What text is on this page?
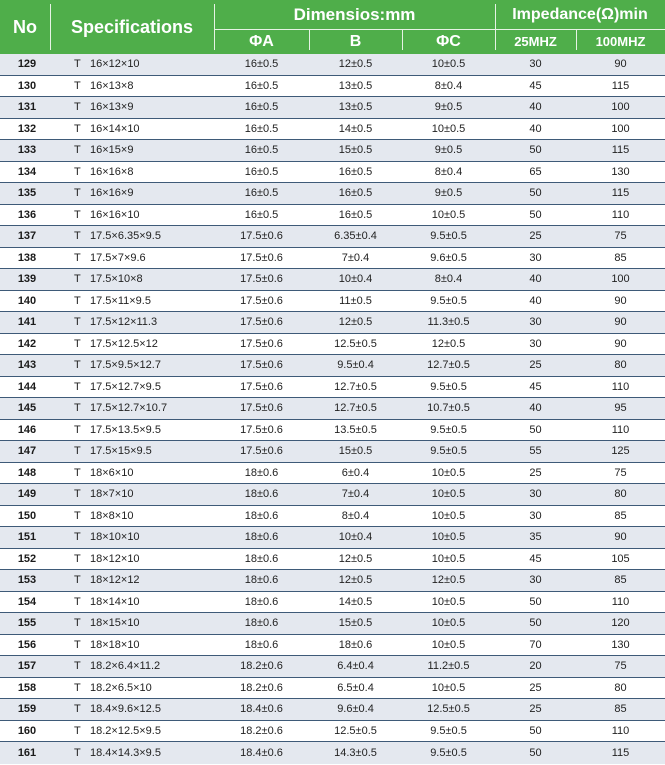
No	Specifications
Dimensios:mm	Impedance(Ω)min
ΦA	B	ΦC	25MHZ	100MHZ
129	T 16×12×10	16±0.5	12±0.5	10±0.5	30	90
130	T 16×13×8	16±0.5	13±0.5	8±0.4	45	115
131	T 16×13×9	16±0.5	13±0.5	9±0.5	40	100
132	T 16×14×10	16±0.5	14±0.5	10±0.5	40	100
133	T 16×15×9	16±0.5	15±0.5	9±0.5	50	115
134	T 16×16×8	16±0.5	16±0.5	8±0.4	65	130
135	T 16×16×9	16±0.5	16±0.5	9±0.5	50	115
136	T 16×16×10	16±0.5	16±0.5	10±0.5	50	110
137	T 17.5×6.35×9.5	17.5±0.6	6.35±0.4	9.5±0.5	25	75
138	T 17.5×7×9.6	17.5±0.6	7±0.4	9.6±0.5	30	85
139	T 17.5×10×8	17.5±0.6	10±0.4	8±0.4	40	100
140	T 17.5×11×9.5	17.5±0.6	11±0.5	9.5±0.5	40	90
141	T 17.5×12×11.3	17.5±0.6	12±0.5	11.3±0.5	30	90
142	T 17.5×12.5×12	17.5±0.6	12.5±0.5	12±0.5	30	90
143	T 17.5×9.5×12.7	17.5±0.6	9.5±0.4	12.7±0.5	25	80
144	T 17.5×12.7×9.5	17.5±0.6	12.7±0.5	9.5±0.5	45	110
145	T 17.5×12.7×10.7	17.5±0.6	12.7±0.5	10.7±0.5	40	95
146	T 17.5×13.5×9.5	17.5±0.6	13.5±0.5	9.5±0.5	50	110
147	T 17.5×15×9.5	17.5±0.6	15±0.5	9.5±0.5	55	125
148	T 18×6×10	18±0.6	6±0.4	10±0.5	25	75
149	T 18×7×10	18±0.6	7±0.4	10±0.5	30	80
150	T 18×8×10	18±0.6	8±0.4	10±0.5	30	85
151	T 18×10×10	18±0.6	10±0.4	10±0.5	35	90
152	T 18×12×10	18±0.6	12±0.5	10±0.5	45	105
153	T 18×12×12	18±0.6	12±0.5	12±0.5	30	85
154	T 18×14×10	18±0.6	14±0.5	10±0.5	50	110
155	T 18×15×10	18±0.6	15±0.5	10±0.5	50	120
156	T 18×18×10	18±0.6	18±0.6	10±0.5	70	130
157	T 18.2×6.4×11.2	18.2±0.6	6.4±0.4	11.2±0.5	20	75
158	T 18.2×6.5×10	18.2±0.6	6.5±0.4	10±0.5	25	80
159	T 18.4×9.6×12.5	18.4±0.6	9.6±0.4	12.5±0.5	25	85
160	T 18.2×12.5×9.5	18.2±0.6	12.5±0.5	9.5±0.5	50	110
161	T 18.4×14.3×9.5	18.4±0.6	14.3±0.5	9.5±0.5	50	115
